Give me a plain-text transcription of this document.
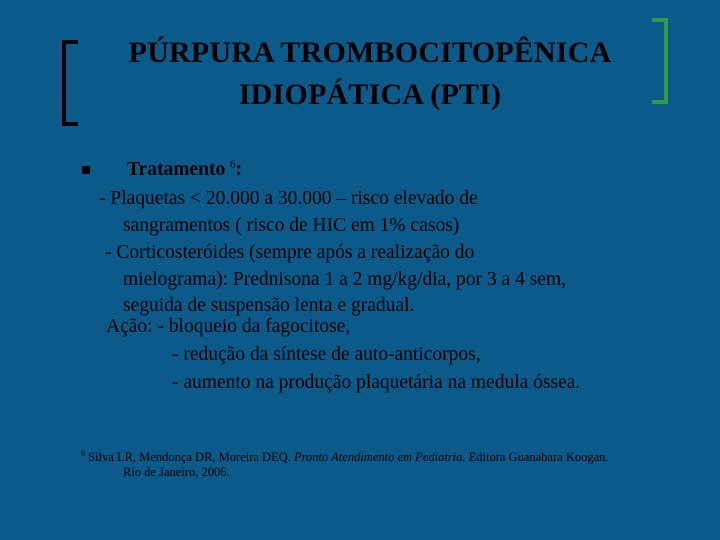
PÚRPURA TROMBOCITOPÊNICA
IDIOPÁTICA (PTI)
Tratamento $^6$:
- Plaquetas < 20.000 a 30.000 – risco elevado de
sangramentos ( risco de HIC em 1% casos)
- Corticosteróides (sempre após a realização do
mielograma): Prednisona 1 a 2 mg/kg/dia, por 3 a 4 sem,
seguida de suspensão lenta e gradual.
Ação: - bloqueio da fagocitose,
- redução da síntese de auto-anticorpos,
- aumento na produção plaquetária na medula óssea.
$^6$ Silva LR, Mendonça DR, Moreira DEQ. Pronto Atendimento em Pediatria. Editora Guanabara Koogan.
Rio de Janeiro, 2006.
